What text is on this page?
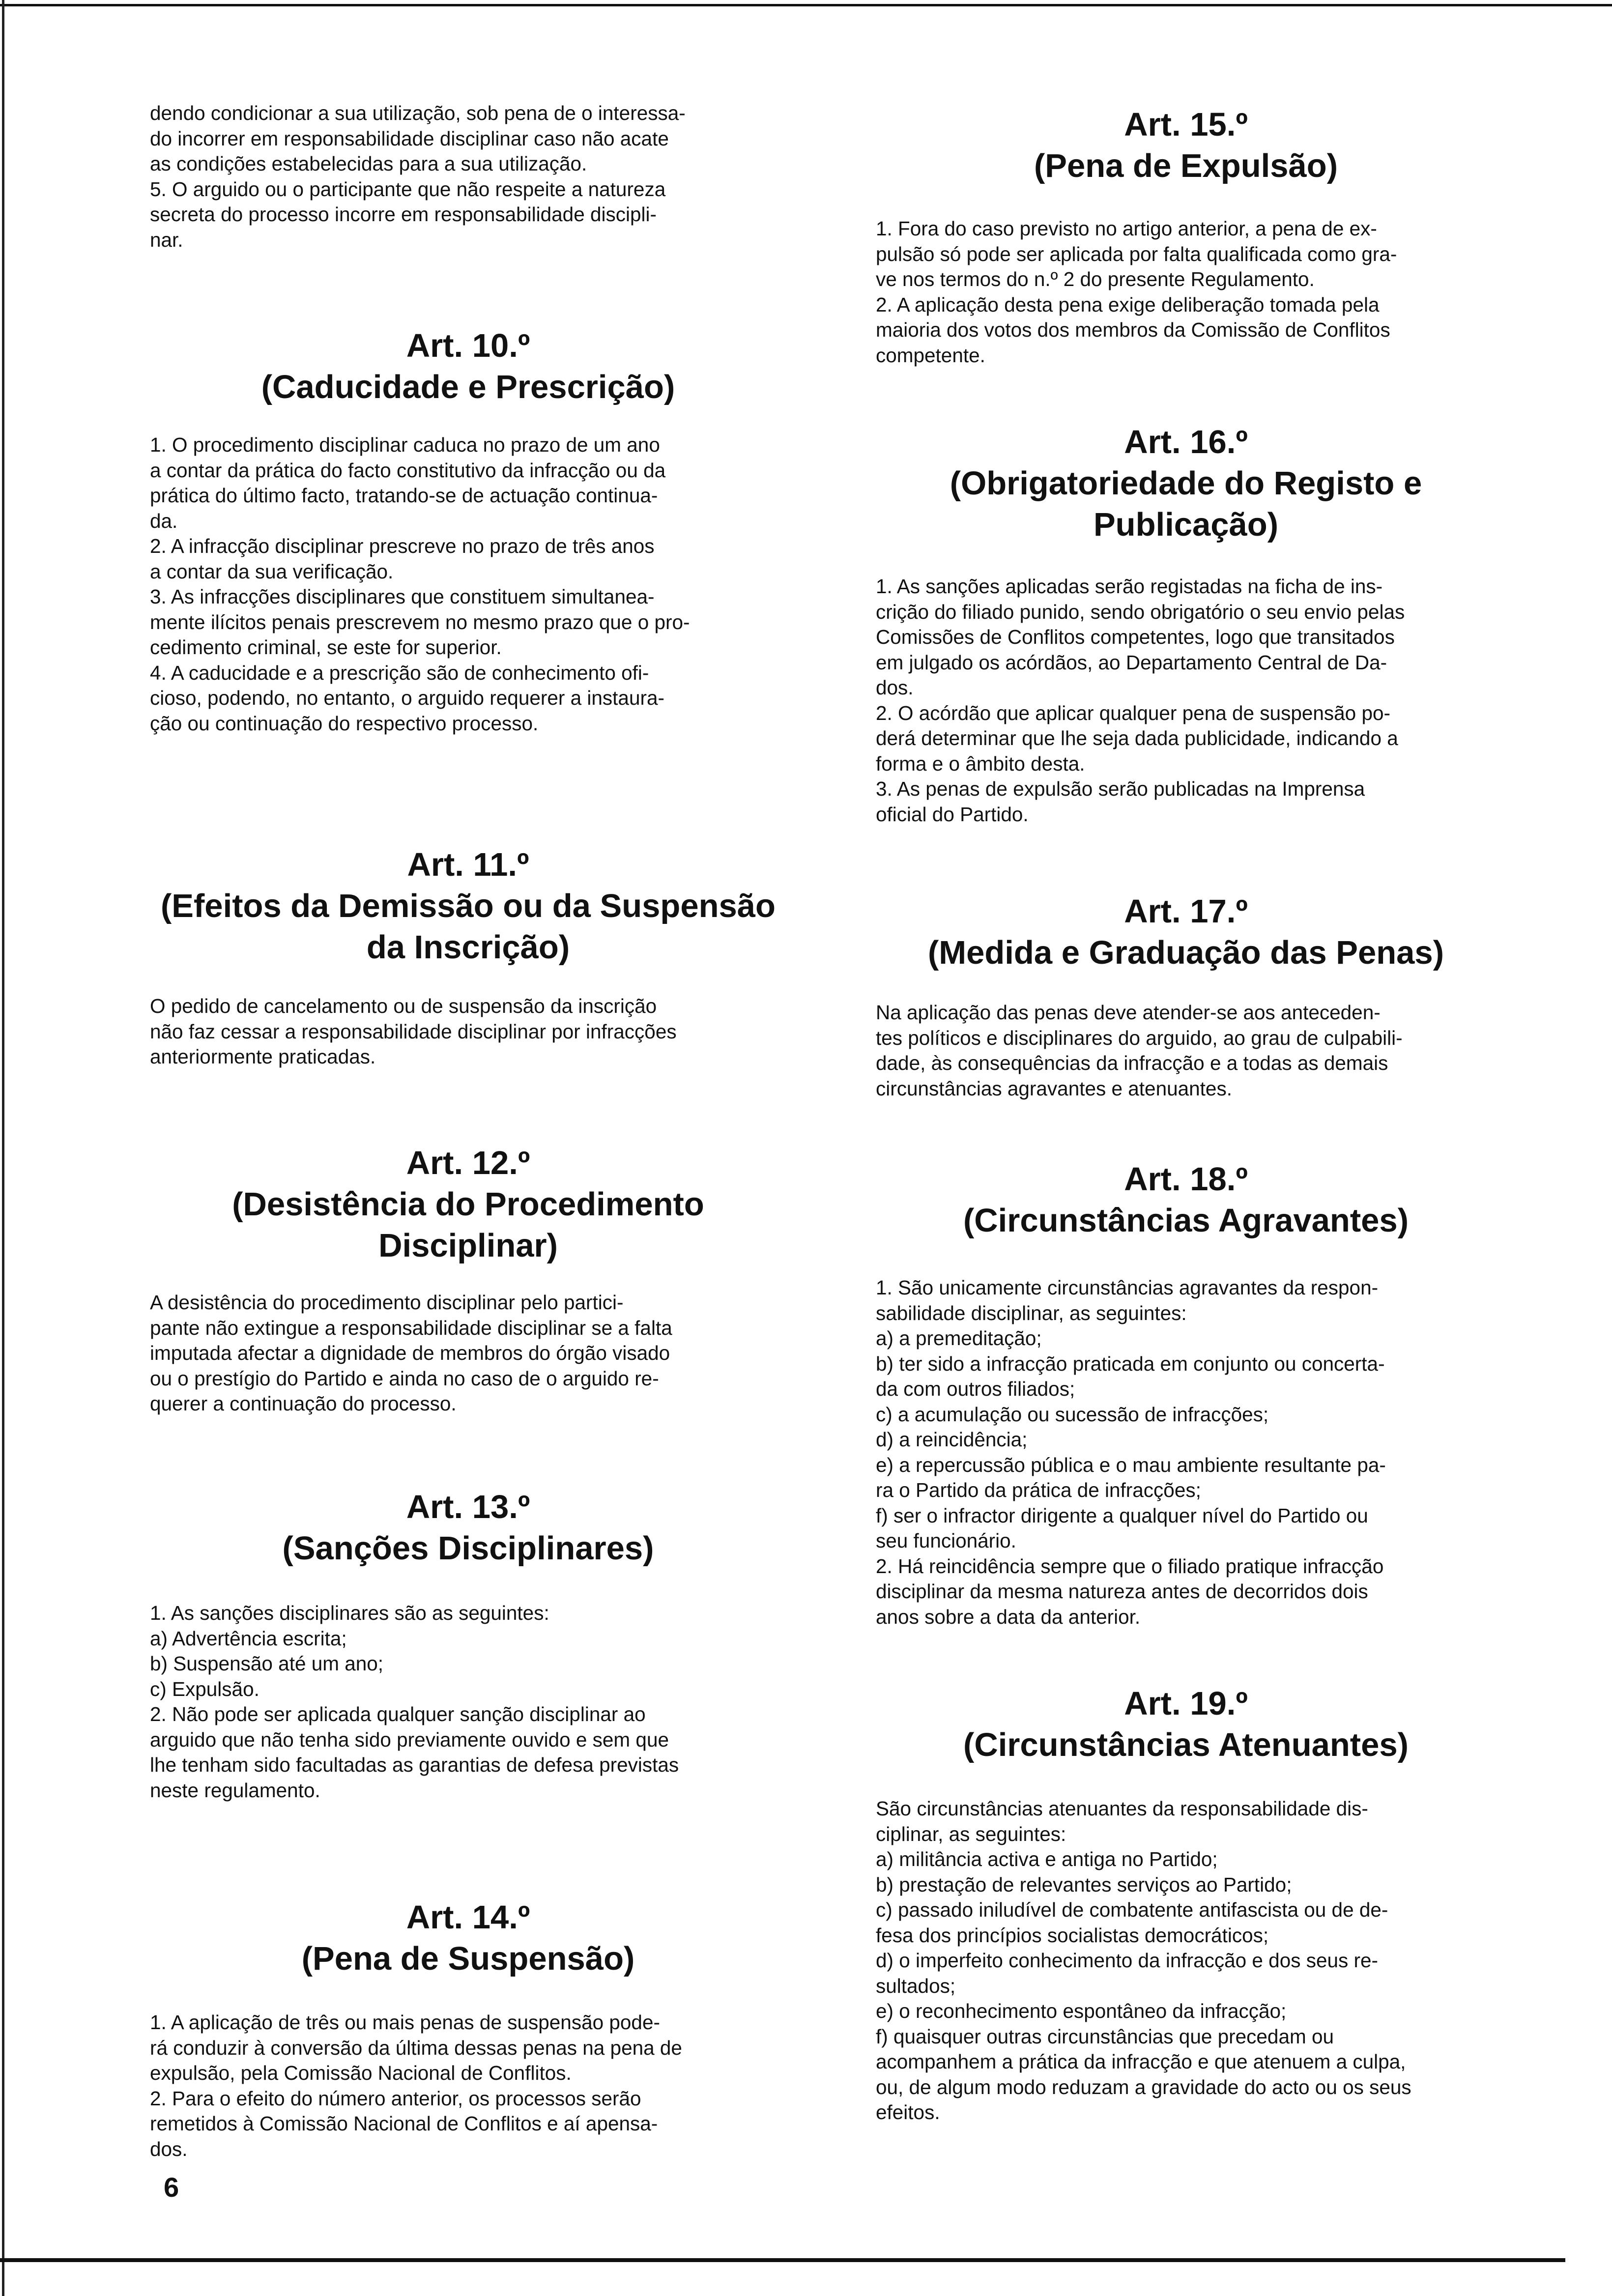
dendo condicionar a sua utilização, sob pena de o interessa-
do incorrer em responsabilidade disciplinar caso não acate
as condições estabelecidas para a sua utilização.
5. O arguido ou o participante que não respeite a natureza
secreta do processo incorre em responsabilidade discipli-
nar.

Art. 10.º
(Caducidade e Prescrição)

1. O procedimento disciplinar caduca no prazo de um ano
a contar da prática do facto constitutivo da infracção ou da
prática do último facto, tratando-se de actuação continua-
da.
2. A infracção disciplinar prescreve no prazo de três anos
a contar da sua verificação.
3. As infracções disciplinares que constituem simultanea-
mente ilícitos penais prescrevem no mesmo prazo que o pro-
cedimento criminal, se este for superior.
4. A caducidade e a prescrição são de conhecimento ofi-
cioso, podendo, no entanto, o arguido requerer a instaura-
ção ou continuação do respectivo processo.

Art. 11.º
(Efeitos da Demissão ou da Suspensão
da Inscrição)

O pedido de cancelamento ou de suspensão da inscrição
não faz cessar a responsabilidade disciplinar por infracções
anteriormente praticadas.

Art. 12.º
(Desistência do Procedimento
Disciplinar)

A desistência do procedimento disciplinar pelo partici-
pante não extingue a responsabilidade disciplinar se a falta
imputada afectar a dignidade de membros do órgão visado
ou o prestígio do Partido e ainda no caso de o arguido re-
querer a continuação do processo.

Art. 13.º
(Sanções Disciplinares)

1. As sanções disciplinares são as seguintes:
a) Advertência escrita;
b) Suspensão até um ano;
c) Expulsão.
2. Não pode ser aplicada qualquer sanção disciplinar ao
arguido que não tenha sido previamente ouvido e sem que
lhe tenham sido facultadas as garantias de defesa previstas
neste regulamento.

Art. 14.º
(Pena de Suspensão)

1. A aplicação de três ou mais penas de suspensão pode-
rá conduzir à conversão da última dessas penas na pena de
expulsão, pela Comissão Nacional de Conflitos.
2. Para o efeito do número anterior, os processos serão
remetidos à Comissão Nacional de Conflitos e aí apensa-
dos.

6
Art. 15.º
(Pena de Expulsão)

1. Fora do caso previsto no artigo anterior, a pena de ex-
pulsão só pode ser aplicada por falta qualificada como gra-
ve nos termos do n.º 2 do presente Regulamento.
2. A aplicação desta pena exige deliberação tomada pela
maioria dos votos dos membros da Comissão de Conflitos
competente.

Art. 16.º
(Obrigatoriedade do Registo e
Publicação)

1. As sanções aplicadas serão registadas na ficha de ins-
crição do filiado punido, sendo obrigatório o seu envio pelas
Comissões de Conflitos competentes, logo que transitados
em julgado os acórdãos, ao Departamento Central de Da-
dos.
2. O acórdão que aplicar qualquer pena de suspensão po-
derá determinar que lhe seja dada publicidade, indicando a
forma e o âmbito desta.
3. As penas de expulsão serão publicadas na Imprensa
oficial do Partido.

Art. 17.º
(Medida e Graduação das Penas)

Na aplicação das penas deve atender-se aos anteceden-
tes políticos e disciplinares do arguido, ao grau de culpabili-
dade, às consequências da infracção e a todas as demais
circunstâncias agravantes e atenuantes.

Art. 18.º
(Circunstâncias Agravantes)

1. São unicamente circunstâncias agravantes da respon-
sabilidade disciplinar, as seguintes:
a) a premeditação;
b) ter sido a infracção praticada em conjunto ou concerta-
da com outros filiados;
c) a acumulação ou sucessão de infracções;
d) a reincidência;
e) a repercussão pública e o mau ambiente resultante pa-
ra o Partido da prática de infracções;
f) ser o infractor dirigente a qualquer nível do Partido ou
seu funcionário.
2. Há reincidência sempre que o filiado pratique infracção
disciplinar da mesma natureza antes de decorridos dois
anos sobre a data da anterior.

Art. 19.º
(Circunstâncias Atenuantes)

São circunstâncias atenuantes da responsabilidade dis-
ciplinar, as seguintes:
a) militância activa e antiga no Partido;
b) prestação de relevantes serviços ao Partido;
c) passado iniludível de combatente antifascista ou de de-
fesa dos princípios socialistas democráticos;
d) o imperfeito conhecimento da infracção e dos seus re-
sultados;
e) o reconhecimento espontâneo da infracção;
f) quaisquer outras circunstâncias que precedam ou
acompanhem a prática da infracção e que atenuem a culpa,
ou, de algum modo reduzam a gravidade do acto ou os seus
efeitos.
